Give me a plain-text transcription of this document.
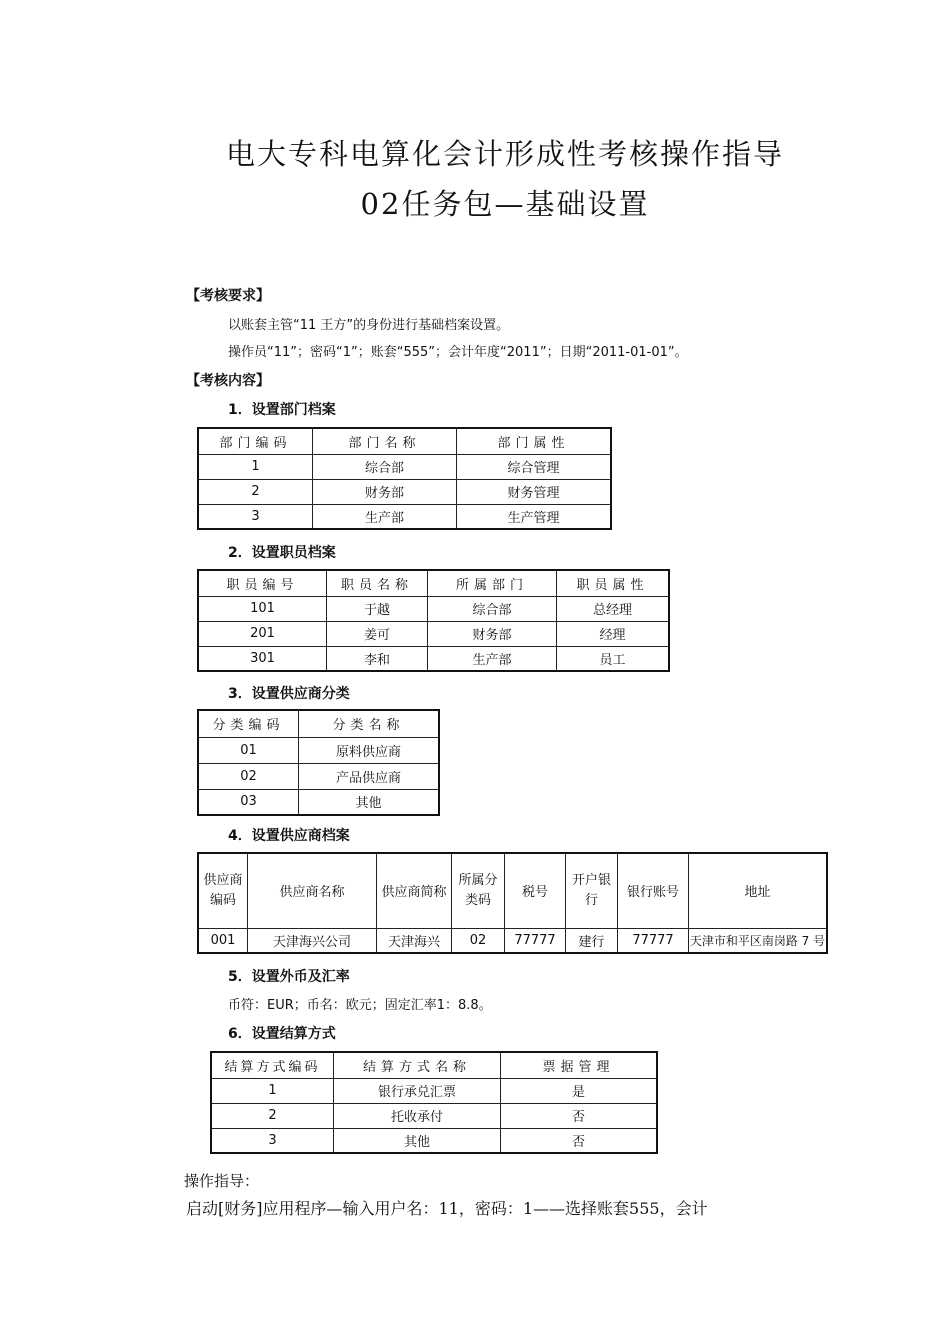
电大专科电算化会计形成性考核操作指导
02任务包—基础设置
【考核要求】
以账套主管“11 王方”的身份进行基础档案设置。
操作员“11”；密码“1”；账套“555”；会计年度“2011”；日期“2011-01-01”。
【考核内容】
1．设置部门档案
部门编码	部门名称	部门属性
1	综合部	综合管理
2	财务部	财务管理
3	生产部	生产管理
2．设置职员档案
职员编号	职员名称	所属部门	职员属性
101	于越	综合部	总经理
201	姜可	财务部	经理
301	李和	生产部	员工
3．设置供应商分类
分类编码	分类名称
01	原料供应商
02	产品供应商
03	其他
4．设置供应商档案
供应商编码	供应商名称	供应商简称	所属分类码	税号	开户银行	银行账号	地址
001	天津海兴公司	天津海兴	02	77777	建行	77777	天津市和平区南岗路 7 号
5．设置外币及汇率
币符：EUR；币名：欧元；固定汇率1：8.8。
6．设置结算方式
结算方式编码	结算方式名称	票据管理
1	银行承兑汇票	是
2	托收承付	否
3	其他	否
操作指导：
启动[财务]应用程序—输入用户名：11，密码：1——选择账套555，会计
